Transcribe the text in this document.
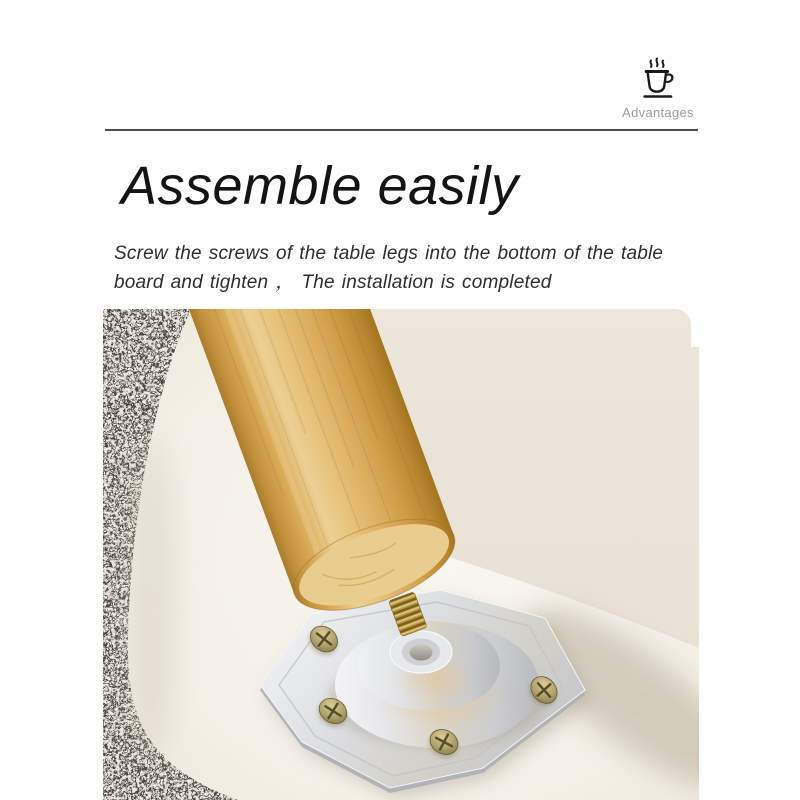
Advantages
Assemble easily

Screw the screws of the table legs into the bottom of the table
board and tighten ， The installation is completed
